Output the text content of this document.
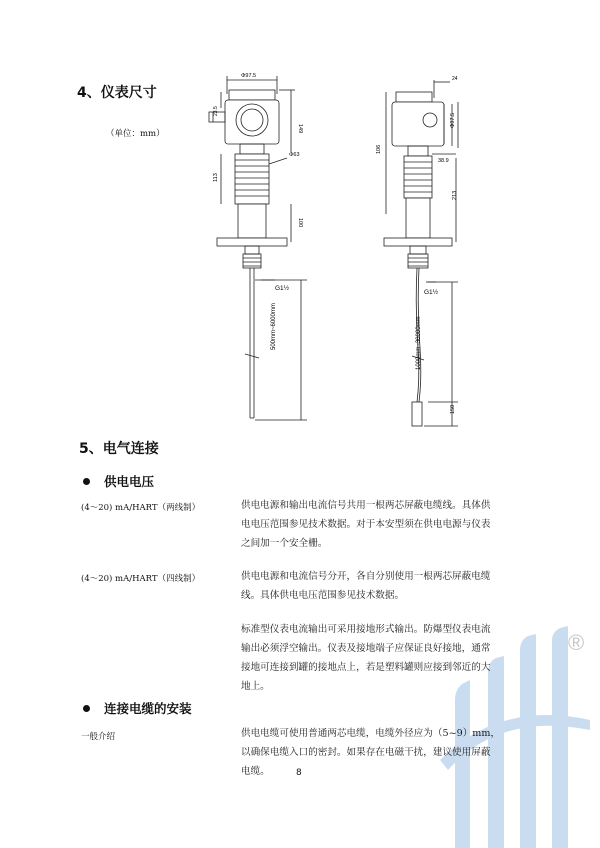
®
4、仪表尺寸
（单位：mm）
Φ97.5
23.5
149
Φ63
113
100
G1½
500mm~6000mm
24
106
Φ97.5
38.9
213
G1½
1000mm~30000mm
150
5、电气连接
供电电压
(4～20) mA/HART（两线制）	供电电源和输出电流信号共用一根两芯屏蔽电缆线。具体供
电电压范围参见技术数据。对于本安型须在供电电源与仪表
之间加一个安全栅。
(4～20) mA/HART（四线制）	供电电源和电流信号分开，各自分别使用一根两芯屏蔽电缆
线。具体供电电压范围参见技术数据。
标准型仪表电流输出可采用接地形式输出。防爆型仪表电流
输出必须浮空输出。仪表及接地端子应保证良好接地，通常
接地可连接到罐的接地点上，若是塑料罐则应接到邻近的大
地上。
连接电缆的安装
一般介绍	供电电缆可使用普通两芯电缆，电缆外径应为（5~9）mm，
以确保电缆入口的密封。如果存在电磁干扰，建议使用屏蔽
电缆。	8
